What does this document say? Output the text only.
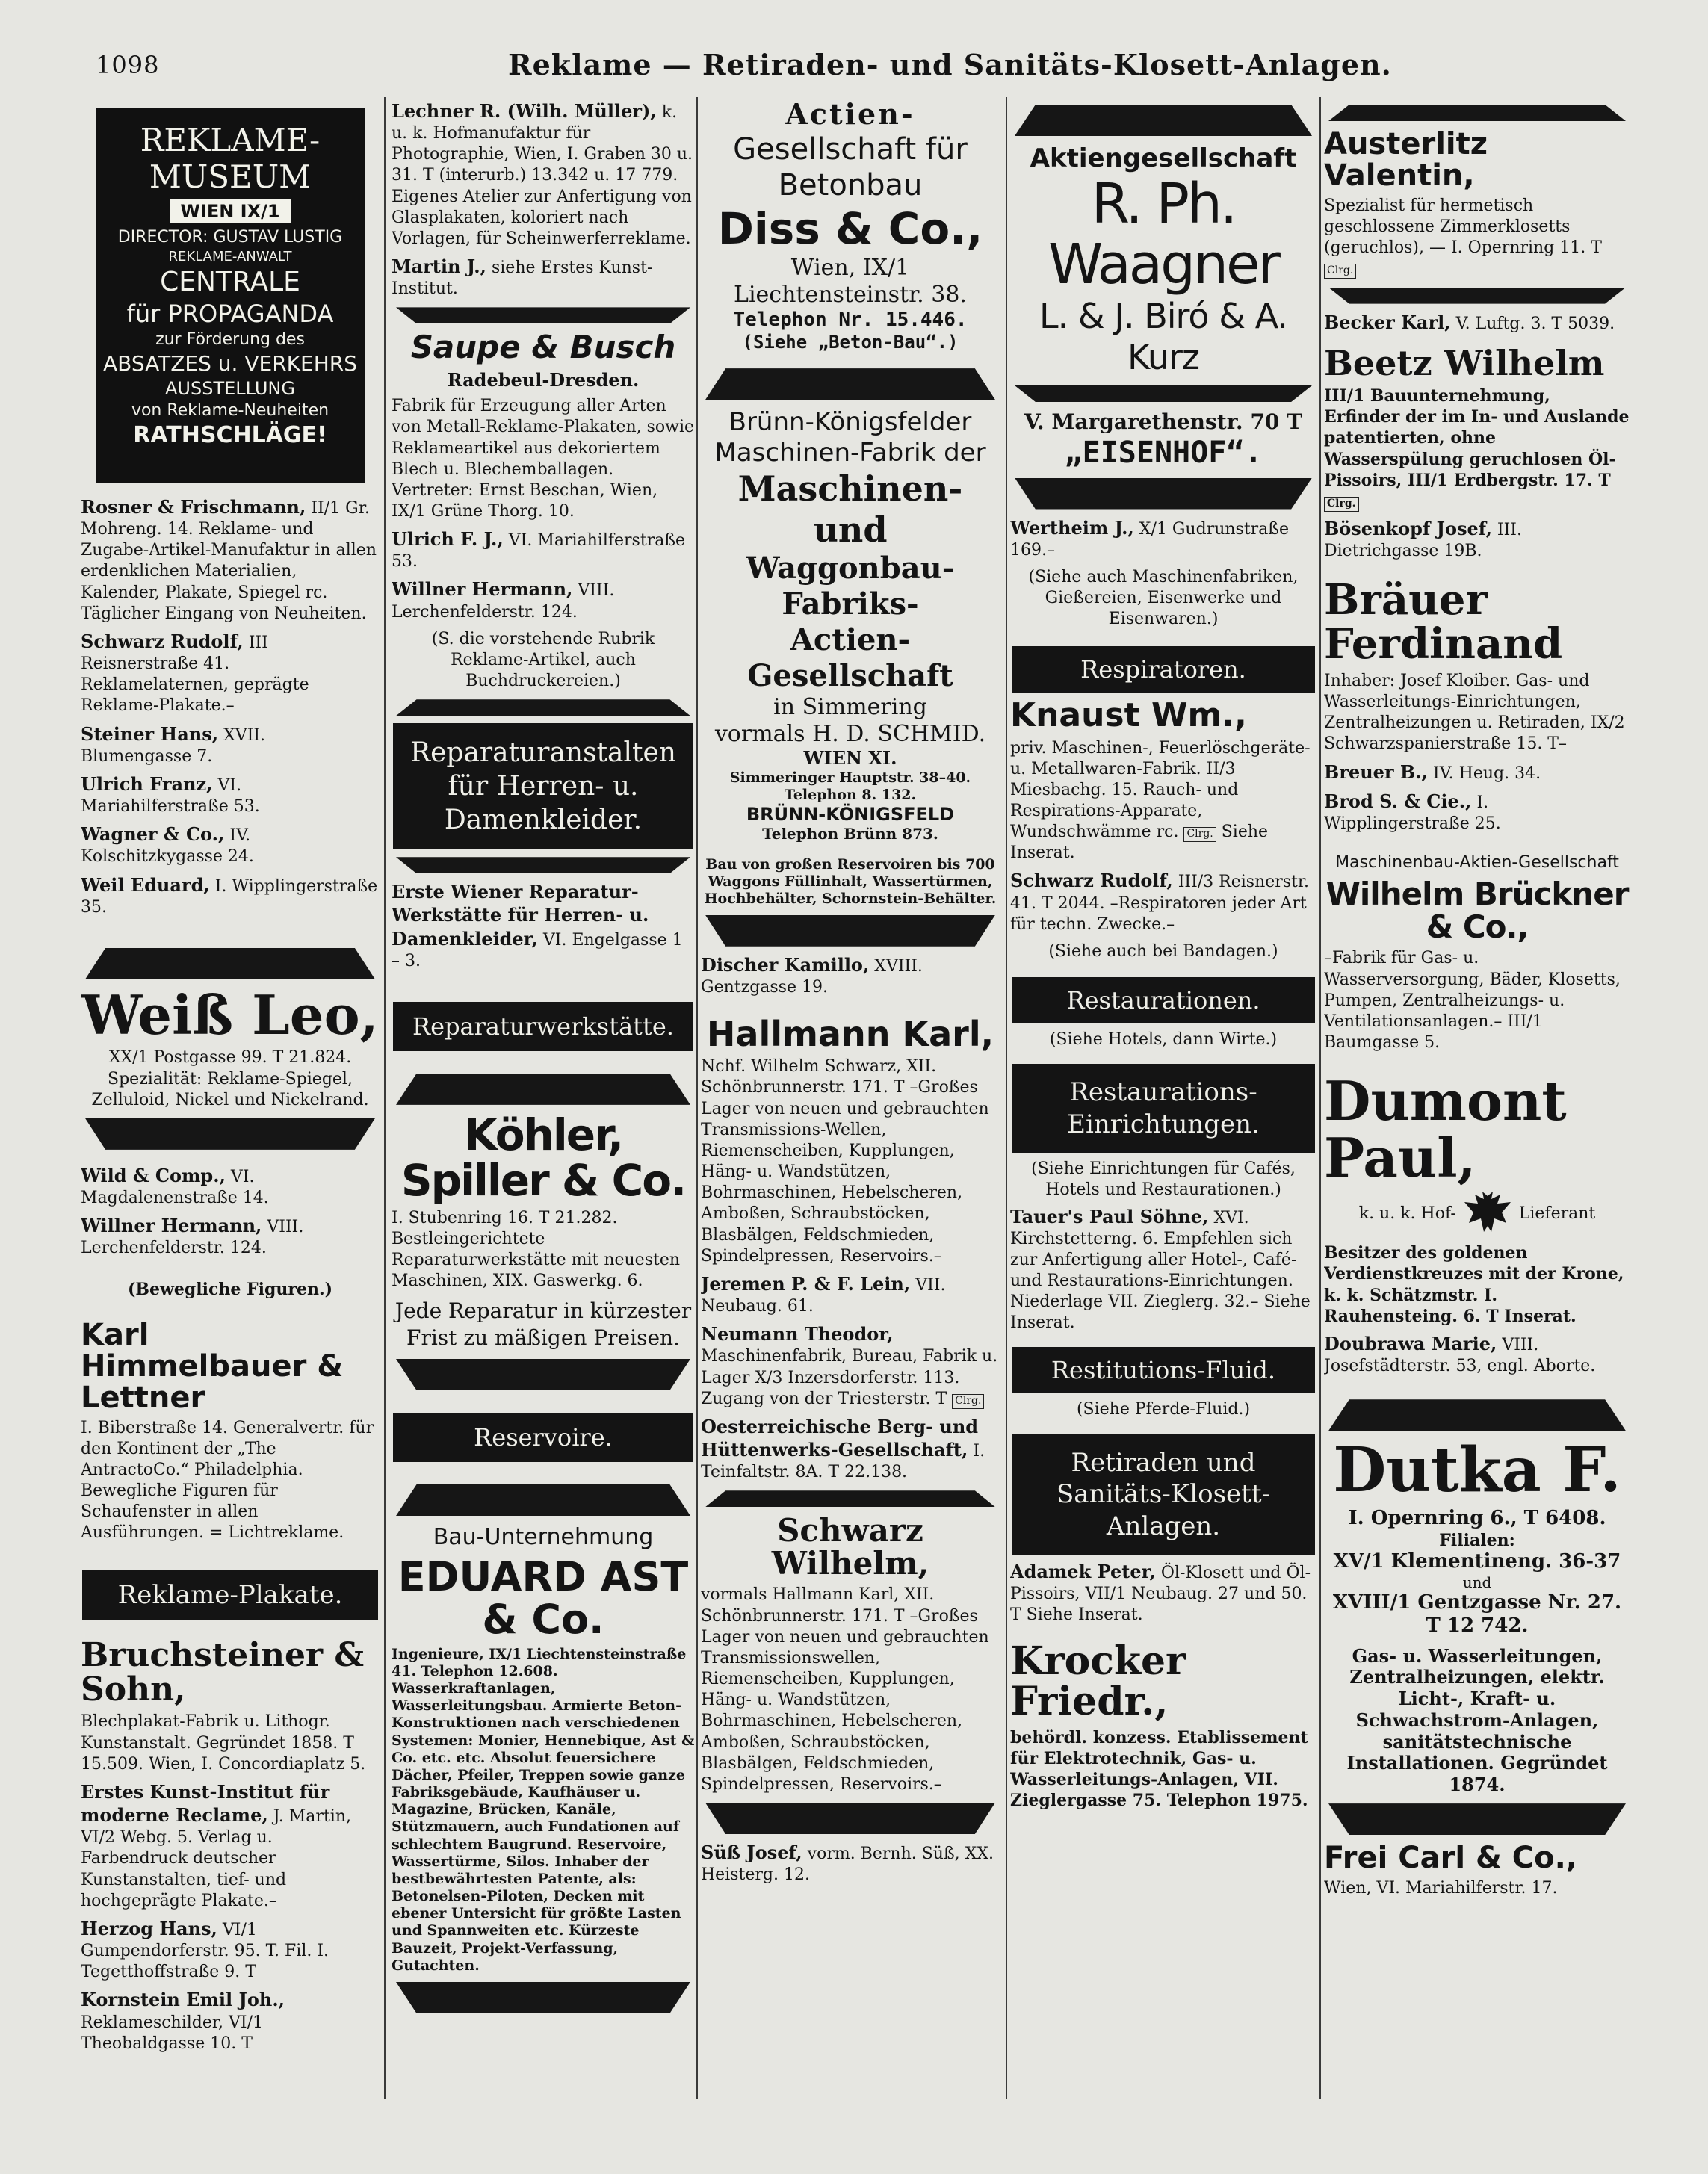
1098	Reklame — Retiraden- und Sanitäts-Klosett-Anlagen.
REKLAME-MUSEUM
WIEN IX/1
DIRECTOR: GUSTAV LUSTIG
REKLAME-ANWALT
CENTRALE
für PROPAGANDA
zur Förderung des
ABSATZES u. VERKEHRS
AUSSTELLUNG
von Reklame-Neuheiten
RATHSCHLÄGE!
Rosner & Frischmann, II/1 Gr. Mohreng. 14. Reklame- und Zugabe-Artikel-Manufaktur in allen erdenklichen Materialien, Kalender, Plakate, Spiegel rc. Täglicher Eingang von Neuheiten.
Schwarz Rudolf, III Reisnerstraße 41. Reklamelaternen, geprägte Reklame-Plakate.–
Steiner Hans, XVII. Blumengasse 7.
Ulrich Franz, VI. Mariahilferstraße 53.
Wagner & Co., IV. Kolschitzkygasse 24.
Weil Eduard, I. Wipplingerstraße 35.
Weiß Leo,
XX/1 Postgasse 99. T 21.824. Spezialität: Reklame-Spiegel, Zelluloid, Nickel und Nickelrand.
Wild & Comp., VI. Magdalenenstraße 14.
Willner Hermann, VIII. Lerchenfelderstr. 124.
(Bewegliche Figuren.)
Karl Himmelbauer & Lettner
I. Biberstraße 14. Generalvertr. für den Kontinent der „The AntractoCo.“ Philadelphia. Bewegliche Figuren für Schaufenster in allen Ausführungen. = Lichtreklame.
Reklame-Plakate.
Bruchsteiner & Sohn,
Blechplakat-Fabrik u. Lithogr. Kunstanstalt. Gegründet 1858. T 15.509. Wien, I. Concordiaplatz 5.
Erstes Kunst-Institut für moderne Reclame, J. Martin, VI/2 Webg. 5. Verlag u. Farbendruck deutscher Kunstanstalten, tief- und hochgeprägte Plakate.–
Herzog Hans, VI/1 Gumpendorferstr. 95. T. Fil. I. Tegetthoffstraße 9. T
Kornstein Emil Joh., Reklameschilder, VI/1 Theobaldgasse 10. T
Lechner R. (Wilh. Müller), k. u. k. Hofmanufaktur für Photographie, Wien, I. Graben 30 u. 31. T (interurb.) 13.342 u. 17 779. Eigenes Atelier zur Anfertigung von Glasplakaten, koloriert nach Vorlagen, für Scheinwerferreklame.
Martin J., siehe Erstes Kunst-Institut.
Saupe & Busch
Radebeul-Dresden.
Fabrik für Erzeugung aller Arten von Metall-Reklame-Plakaten, sowie Reklameartikel aus dekoriertem Blech u. Blechemballagen. Vertreter: Ernst Beschan, Wien, IX/1 Grüne Thorg. 10.
Ulrich F. J., VI. Mariahilferstraße 53.
Willner Hermann, VIII. Lerchenfelderstr. 124.
(S. die vorstehende Rubrik Reklame-Artikel, auch Buchdruckereien.)
Reparaturanstalten für Herren- u. Damenkleider.
Erste Wiener Reparatur-Werkstätte für Herren- u. Damenkleider, VI. Engelgasse 1 – 3.
Reparaturwerkstätte.
Köhler, Spiller & Co.
I. Stubenring 16. T 21.282. Bestleingerichtete Reparaturwerkstätte mit neuesten Maschinen, XIX. Gaswerkg. 6.
Jede Reparatur in kürzester Frist zu mäßigen Preisen.
Reservoire.
Bau-Unternehmung
EDUARD AST & Co.
Ingenieure, IX/1 Liechtensteinstraße 41. Telephon 12.608. Wasserkraftanlagen, Wasserleitungsbau. Armierte Beton-Konstruktionen nach verschiedenen Systemen: Monier, Hennebique, Ast & Co. etc. etc. Absolut feuersichere Dächer, Pfeiler, Treppen sowie ganze Fabriksgebäude, Kaufhäuser u. Magazine, Brücken, Kanäle, Stützmauern, auch Fundationen auf schlechtem Baugrund. Reservoire, Wassertürme, Silos. Inhaber der bestbewährtesten Patente, als: Betonelsen-Piloten, Decken mit ebener Untersicht für größte Lasten und Spannweiten etc. Kürzeste Bauzeit, Projekt-Verfassung, Gutachten.
Actien-
Gesellschaft für Betonbau
Diss & Co.,
Wien, IX/1 Liechtensteinstr. 38.
Telephon Nr. 15.446.
(Siehe „Beton-Bau“.)
Brünn-Königsfelder
Maschinen-Fabrik der
Maschinen- und
Waggonbau-Fabriks-
Actien-Gesellschaft
in Simmering
vormals H. D. SCHMID.
WIEN XI.
Simmeringer Hauptstr. 38–40. Telephon 8. 132.
BRÜNN-KÖNIGSFELD
Telephon Brünn 873.
Bau von großen Reservoiren bis 700 Waggons Füllinhalt, Wassertürmen, Hochbehälter, Schornstein-Behälter.
Discher Kamillo, XVIII. Gentzgasse 19.
Hallmann Karl,
Nchf. Wilhelm Schwarz, XII. Schönbrunnerstr. 171. T –Großes Lager von neuen und gebrauchten Transmissions-Wellen, Riemenscheiben, Kupplungen, Häng- u. Wandstützen, Bohrmaschinen, Hebelscheren, Amboßen, Schraubstöcken, Blasbälgen, Feldschmieden, Spindelpressen, Reservoirs.–
Jeremen P. & F. Lein, VII. Neubaug. 61.
Neumann Theodor, Maschinenfabrik, Bureau, Fabrik u. Lager X/3 Inzersdorferstr. 113. Zugang von der Triesterstr. T Clrg.
Oesterreichische Berg- und Hüttenwerks-Gesellschaft, I. Teinfaltstr. 8A. T 22.138.
Schwarz Wilhelm,
vormals Hallmann Karl, XII. Schönbrunnerstr. 171. T –Großes Lager von neuen und gebrauchten Transmissionswellen, Riemenscheiben, Kupplungen, Häng- u. Wandstützen, Bohrmaschinen, Hebelscheren, Amboßen, Schraubstöcken, Blasbälgen, Feldschmieden, Spindelpressen, Reservoirs.–
Süß Josef, vorm. Bernh. Süß, XX. Heisterg. 12.
Aktiengesellschaft
R. Ph. Waagner
L. & J. Biró & A. Kurz
V. Margarethenstr. 70 T
„EISENHOF“.
Wertheim J., X/1 Gudrunstraße 169.–
(Siehe auch Maschinenfabriken, Gießereien, Eisenwerke und Eisenwaren.)
Respiratoren.
Knaust Wm.,
priv. Maschinen-, Feuerlöschgeräte- u. Metallwaren-Fabrik. II/3 Miesbachg. 15. Rauch- und Respirations-Apparate, Wundschwämme rc. Clrg. Siehe Inserat.
Schwarz Rudolf, III/3 Reisnerstr. 41. T 2044. –Respiratoren jeder Art für techn. Zwecke.–
(Siehe auch bei Bandagen.)
Restaurationen.
(Siehe Hotels, dann Wirte.)
Restaurations-Einrichtungen.
(Siehe Einrichtungen für Cafés, Hotels und Restaurationen.)
Tauer's Paul Söhne, XVI. Kirchstetterng. 6. Empfehlen sich zur Anfertigung aller Hotel-, Café- und Restaurations-Einrichtungen. Niederlage VII. Zieglerg. 32.– Siehe Inserat.
Restitutions-Fluid.
(Siehe Pferde-Fluid.)
Retiraden und Sanitäts-Klosett-Anlagen.
Adamek Peter, Öl-Klosett und Öl-Pissoirs, VII/1 Neubaug. 27 und 50. T Siehe Inserat.
Krocker Friedr.,
behördl. konzess. Etablissement für Elektrotechnik, Gas- u. Wasserleitungs-Anlagen, VII. Zieglergasse 75. Telephon 1975.
Austerlitz Valentin,
Spezialist für hermetisch geschlossene Zimmerklosetts (geruchlos), — I. Opernring 11. T Clrg.
Becker Karl, V. Luftg. 3. T 5039.
Beetz Wilhelm
III/1 Bauunternehmung, Erfinder der im In- und Auslande patentierten, ohne Wasserspülung geruchlosen Öl-Pissoirs, III/1 Erdbergstr. 17. T Clrg.
Bösenkopf Josef, III. Dietrichgasse 19B.
Bräuer Ferdinand
Inhaber: Josef Kloiber. Gas- und Wasserleitungs-Einrichtungen, Zentralheizungen u. Retiraden, IX/2 Schwarzspanierstraße 15. T–
Breuer B., IV. Heug. 34.
Brod S. & Cie., I. Wipplingerstraße 25.
Maschinenbau-Aktien-Gesellschaft
Wilhelm Brückner & Co.,
–Fabrik für Gas- u. Wasserversorgung, Bäder, Klosetts, Pumpen, Zentralheizungs- u. Ventilationsanlagen.– III/1 Baumgasse 5.
Dumont Paul,
k. u. k. Hof-	Lieferant
Besitzer des goldenen Verdienstkreuzes mit der Krone, k. k. Schätzmstr. I. Rauhensteing. 6. T Inserat.
Doubrawa Marie, VIII. Josefstädterstr. 53, engl. Aborte.
Dutka F.
I. Opernring 6., T 6408.
Filialen:
XV/1 Klementineng. 36-37
und
XVIII/1 Gentzgasse Nr. 27.
T 12 742.
Gas- u. Wasserleitungen, Zentralheizungen, elektr. Licht-, Kraft- u. Schwachstrom-Anlagen, sanitätstechnische Installationen. Gegründet 1874.
Frei Carl & Co.,
Wien, VI. Mariahilferstr. 17.
